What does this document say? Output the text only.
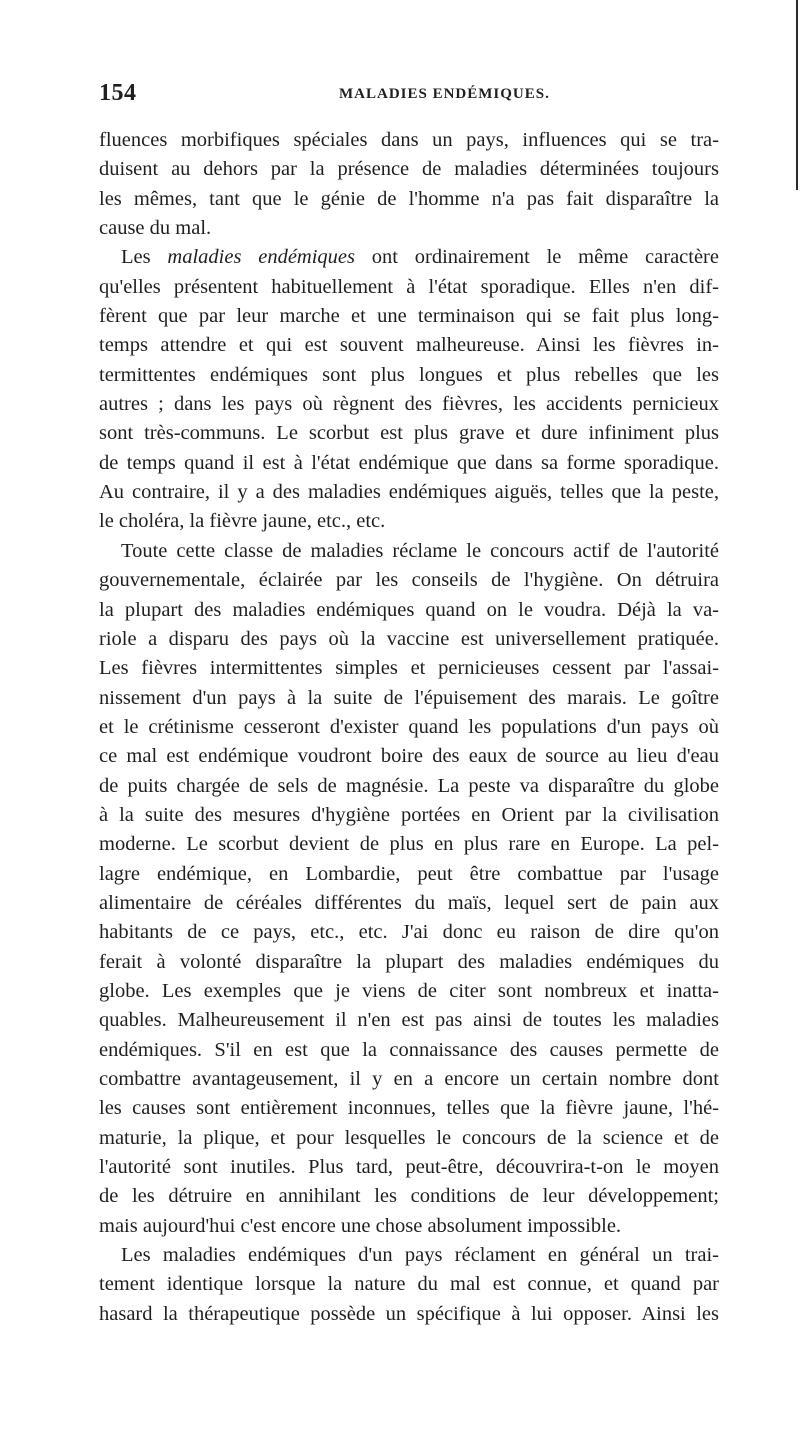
154	MALADIES ENDÉMIQUES.
fluences morbifiques spéciales dans un pays, influences qui se tra-
duisent au dehors par la présence de maladies déterminées toujours
les mêmes, tant que le génie de l'homme n'a pas fait disparaître la
cause du mal.
Les maladies endémiques ont ordinairement le même caractère
qu'elles présentent habituellement à l'état sporadique. Elles n'en dif-
fèrent que par leur marche et une terminaison qui se fait plus long-
temps attendre et qui est souvent malheureuse. Ainsi les fièvres in-
termittentes endémiques sont plus longues et plus rebelles que les
autres ; dans les pays où règnent des fièvres, les accidents pernicieux
sont très-communs. Le scorbut est plus grave et dure infiniment plus
de temps quand il est à l'état endémique que dans sa forme sporadique.
Au contraire, il y a des maladies endémiques aiguës, telles que la peste,
le choléra, la fièvre jaune, etc., etc.
Toute cette classe de maladies réclame le concours actif de l'autorité
gouvernementale, éclairée par les conseils de l'hygiène. On détruira
la plupart des maladies endémiques quand on le voudra. Déjà la va-
riole a disparu des pays où la vaccine est universellement pratiquée.
Les fièvres intermittentes simples et pernicieuses cessent par l'assai-
nissement d'un pays à la suite de l'épuisement des marais. Le goître
et le crétinisme cesseront d'exister quand les populations d'un pays où
ce mal est endémique voudront boire des eaux de source au lieu d'eau
de puits chargée de sels de magnésie. La peste va disparaître du globe
à la suite des mesures d'hygiène portées en Orient par la civilisation
moderne. Le scorbut devient de plus en plus rare en Europe. La pel-
lagre endémique, en Lombardie, peut être combattue par l'usage
alimentaire de céréales différentes du maïs, lequel sert de pain aux
habitants de ce pays, etc., etc. J'ai donc eu raison de dire qu'on
ferait à volonté disparaître la plupart des maladies endémiques du
globe. Les exemples que je viens de citer sont nombreux et inatta-
quables. Malheureusement il n'en est pas ainsi de toutes les maladies
endémiques. S'il en est que la connaissance des causes permette de
combattre avantageusement, il y en a encore un certain nombre dont
les causes sont entièrement inconnues, telles que la fièvre jaune, l'hé-
maturie, la plique, et pour lesquelles le concours de la science et de
l'autorité sont inutiles. Plus tard, peut-être, découvrira-t-on le moyen
de les détruire en annihilant les conditions de leur développement;
mais aujourd'hui c'est encore une chose absolument impossible.
Les maladies endémiques d'un pays réclament en général un trai-
tement identique lorsque la nature du mal est connue, et quand par
hasard la thérapeutique possède un spécifique à lui opposer. Ainsi les
